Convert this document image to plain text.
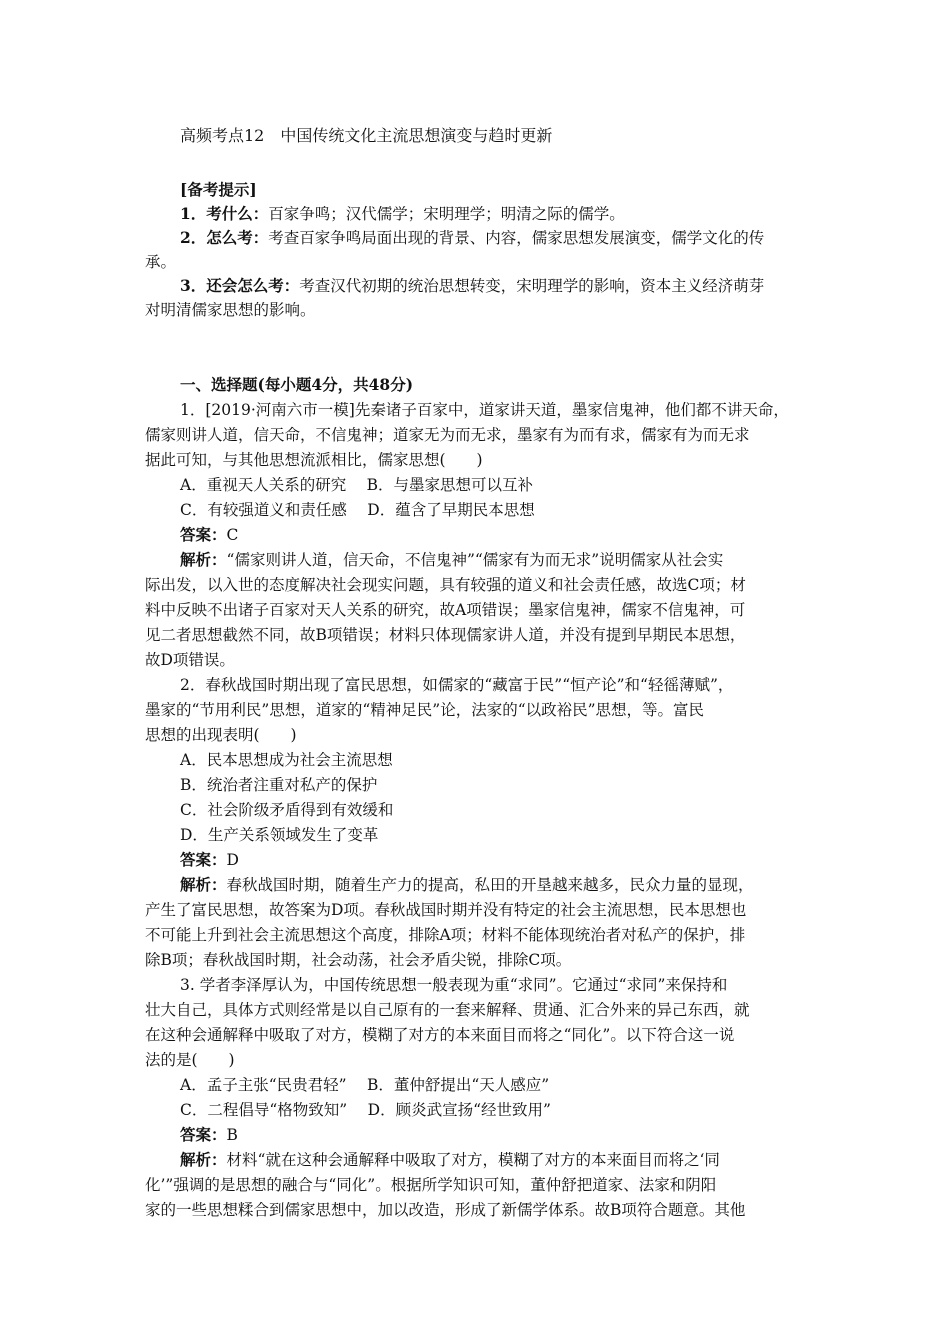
高频考点12　中国传统文化主流思想演变与趋时更新
[备考提示]
1．考什么：百家争鸣；汉代儒学；宋明理学；明清之际的儒学。
2．怎么考：考查百家争鸣局面出现的背景、内容，儒家思想发展演变，儒学文化的传
承。
3．还会怎么考：考查汉代初期的统治思想转变，宋明理学的影响，资本主义经济萌芽
对明清儒家思想的影响。
一、选择题(每小题4分，共48分)
1．[2019·河南六市一模]先秦诸子百家中，道家讲天道，墨家信鬼神，他们都不讲天命，
儒家则讲人道，信天命，不信鬼神；道家无为而无求，墨家有为而有求，儒家有为而无求
据此可知，与其他思想流派相比，儒家思想(　　)
A．重视天人关系的研究　 B．与墨家思想可以互补
C．有较强道义和责任感　 D．蕴含了早期民本思想
答案：C
解析：“儒家则讲人道，信天命，不信鬼神”“儒家有为而无求”说明儒家从社会实
际出发，以入世的态度解决社会现实问题，具有较强的道义和社会责任感，故选C项；材
料中反映不出诸子百家对天人关系的研究，故A项错误；墨家信鬼神，儒家不信鬼神，可
见二者思想截然不同，故B项错误；材料只体现儒家讲人道，并没有提到早期民本思想，
故D项错误。
2．春秋战国时期出现了富民思想，如儒家的“藏富于民”“恒产论”和“轻徭薄赋”，
墨家的“节用利民”思想，道家的“精神足民”论，法家的“以政裕民”思想，等。富民
思想的出现表明(　　)
A．民本思想成为社会主流思想
B．统治者注重对私产的保护
C．社会阶级矛盾得到有效缓和
D．生产关系领域发生了变革
答案：D
解析：春秋战国时期，随着生产力的提高，私田的开垦越来越多，民众力量的显现，
产生了富民思想，故答案为D项。春秋战国时期并没有特定的社会主流思想，民本思想也
不可能上升到社会主流思想这个高度，排除A项；材料不能体现统治者对私产的保护，排
除B项；春秋战国时期，社会动荡，社会矛盾尖锐，排除C项。
3. 学者李泽厚认为，中国传统思想一般表现为重“求同”。它通过“求同”来保持和
壮大自己，具体方式则经常是以自己原有的一套来解释、贯通、汇合外来的异己东西，就
在这种会通解释中吸取了对方，模糊了对方的本来面目而将之“同化”。以下符合这一说
法的是(　　)
A．孟子主张“民贵君轻”　 B．董仲舒提出“天人感应”
C．二程倡导“格物致知”　 D．顾炎武宣扬“经世致用”
答案：B
解析：材料“就在这种会通解释中吸取了对方，模糊了对方的本来面目而将之‘同
化’”强调的是思想的融合与“同化”。根据所学知识可知，董仲舒把道家、法家和阴阳
家的一些思想糅合到儒家思想中，加以改造，形成了新儒学体系。故B项符合题意。其他
